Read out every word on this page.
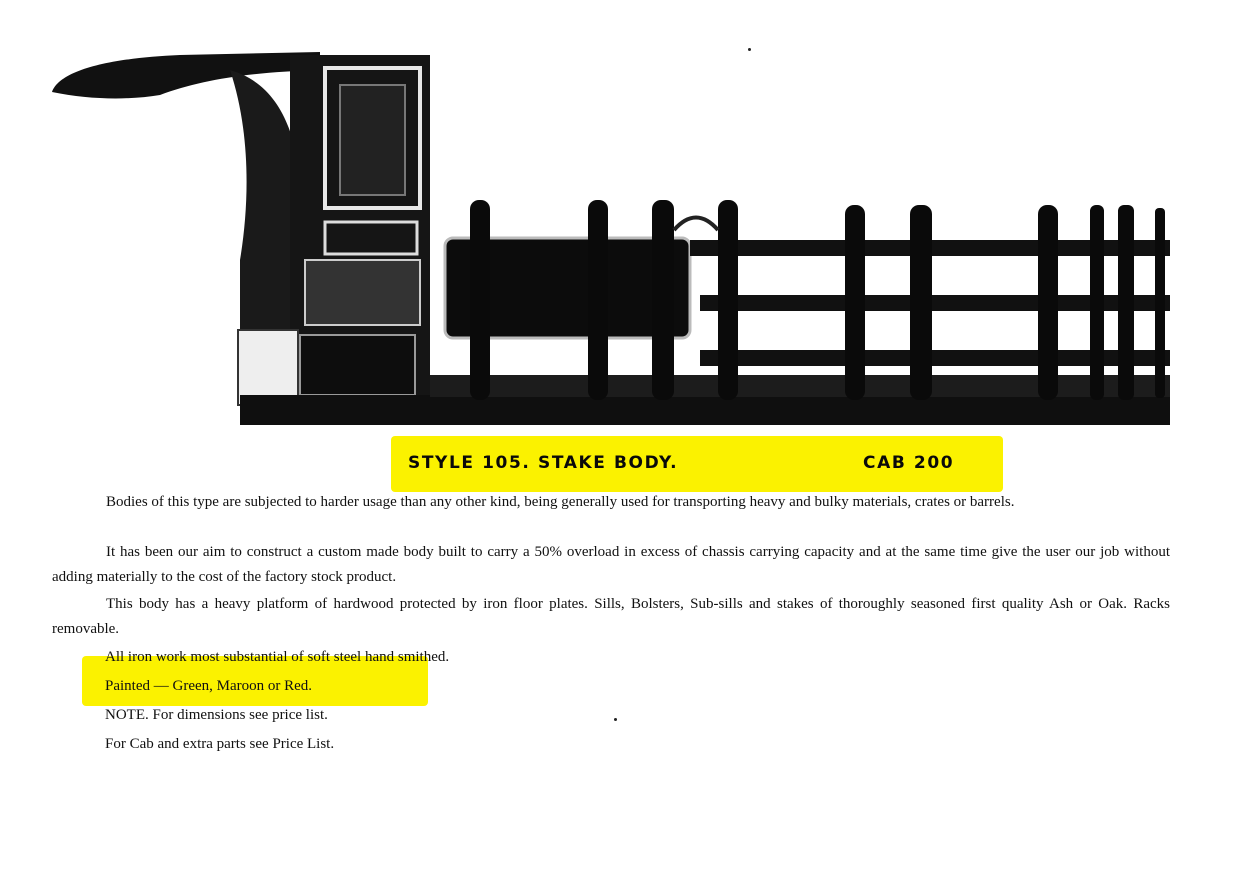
STYLE 105. STAKE BODY.	CAB 200

Bodies of this type are subjected to harder usage than any other kind, being generally used for transporting heavy and bulky materials, crates or barrels.

It has been our aim to construct a custom made body built to carry a 50% overload in excess of chassis carrying capacity and at the same time give the user our job without adding materially to the cost of the factory stock product.

This body has a heavy platform of hardwood protected by iron floor plates. Sills, Bolsters, Sub-sills and stakes of thoroughly seasoned first quality Ash or Oak. Racks removable.

All iron work most substantial of soft steel hand smithed.
Painted — Green, Maroon or Red.
NOTE. For dimensions see price list.
For Cab and extra parts see Price List.
